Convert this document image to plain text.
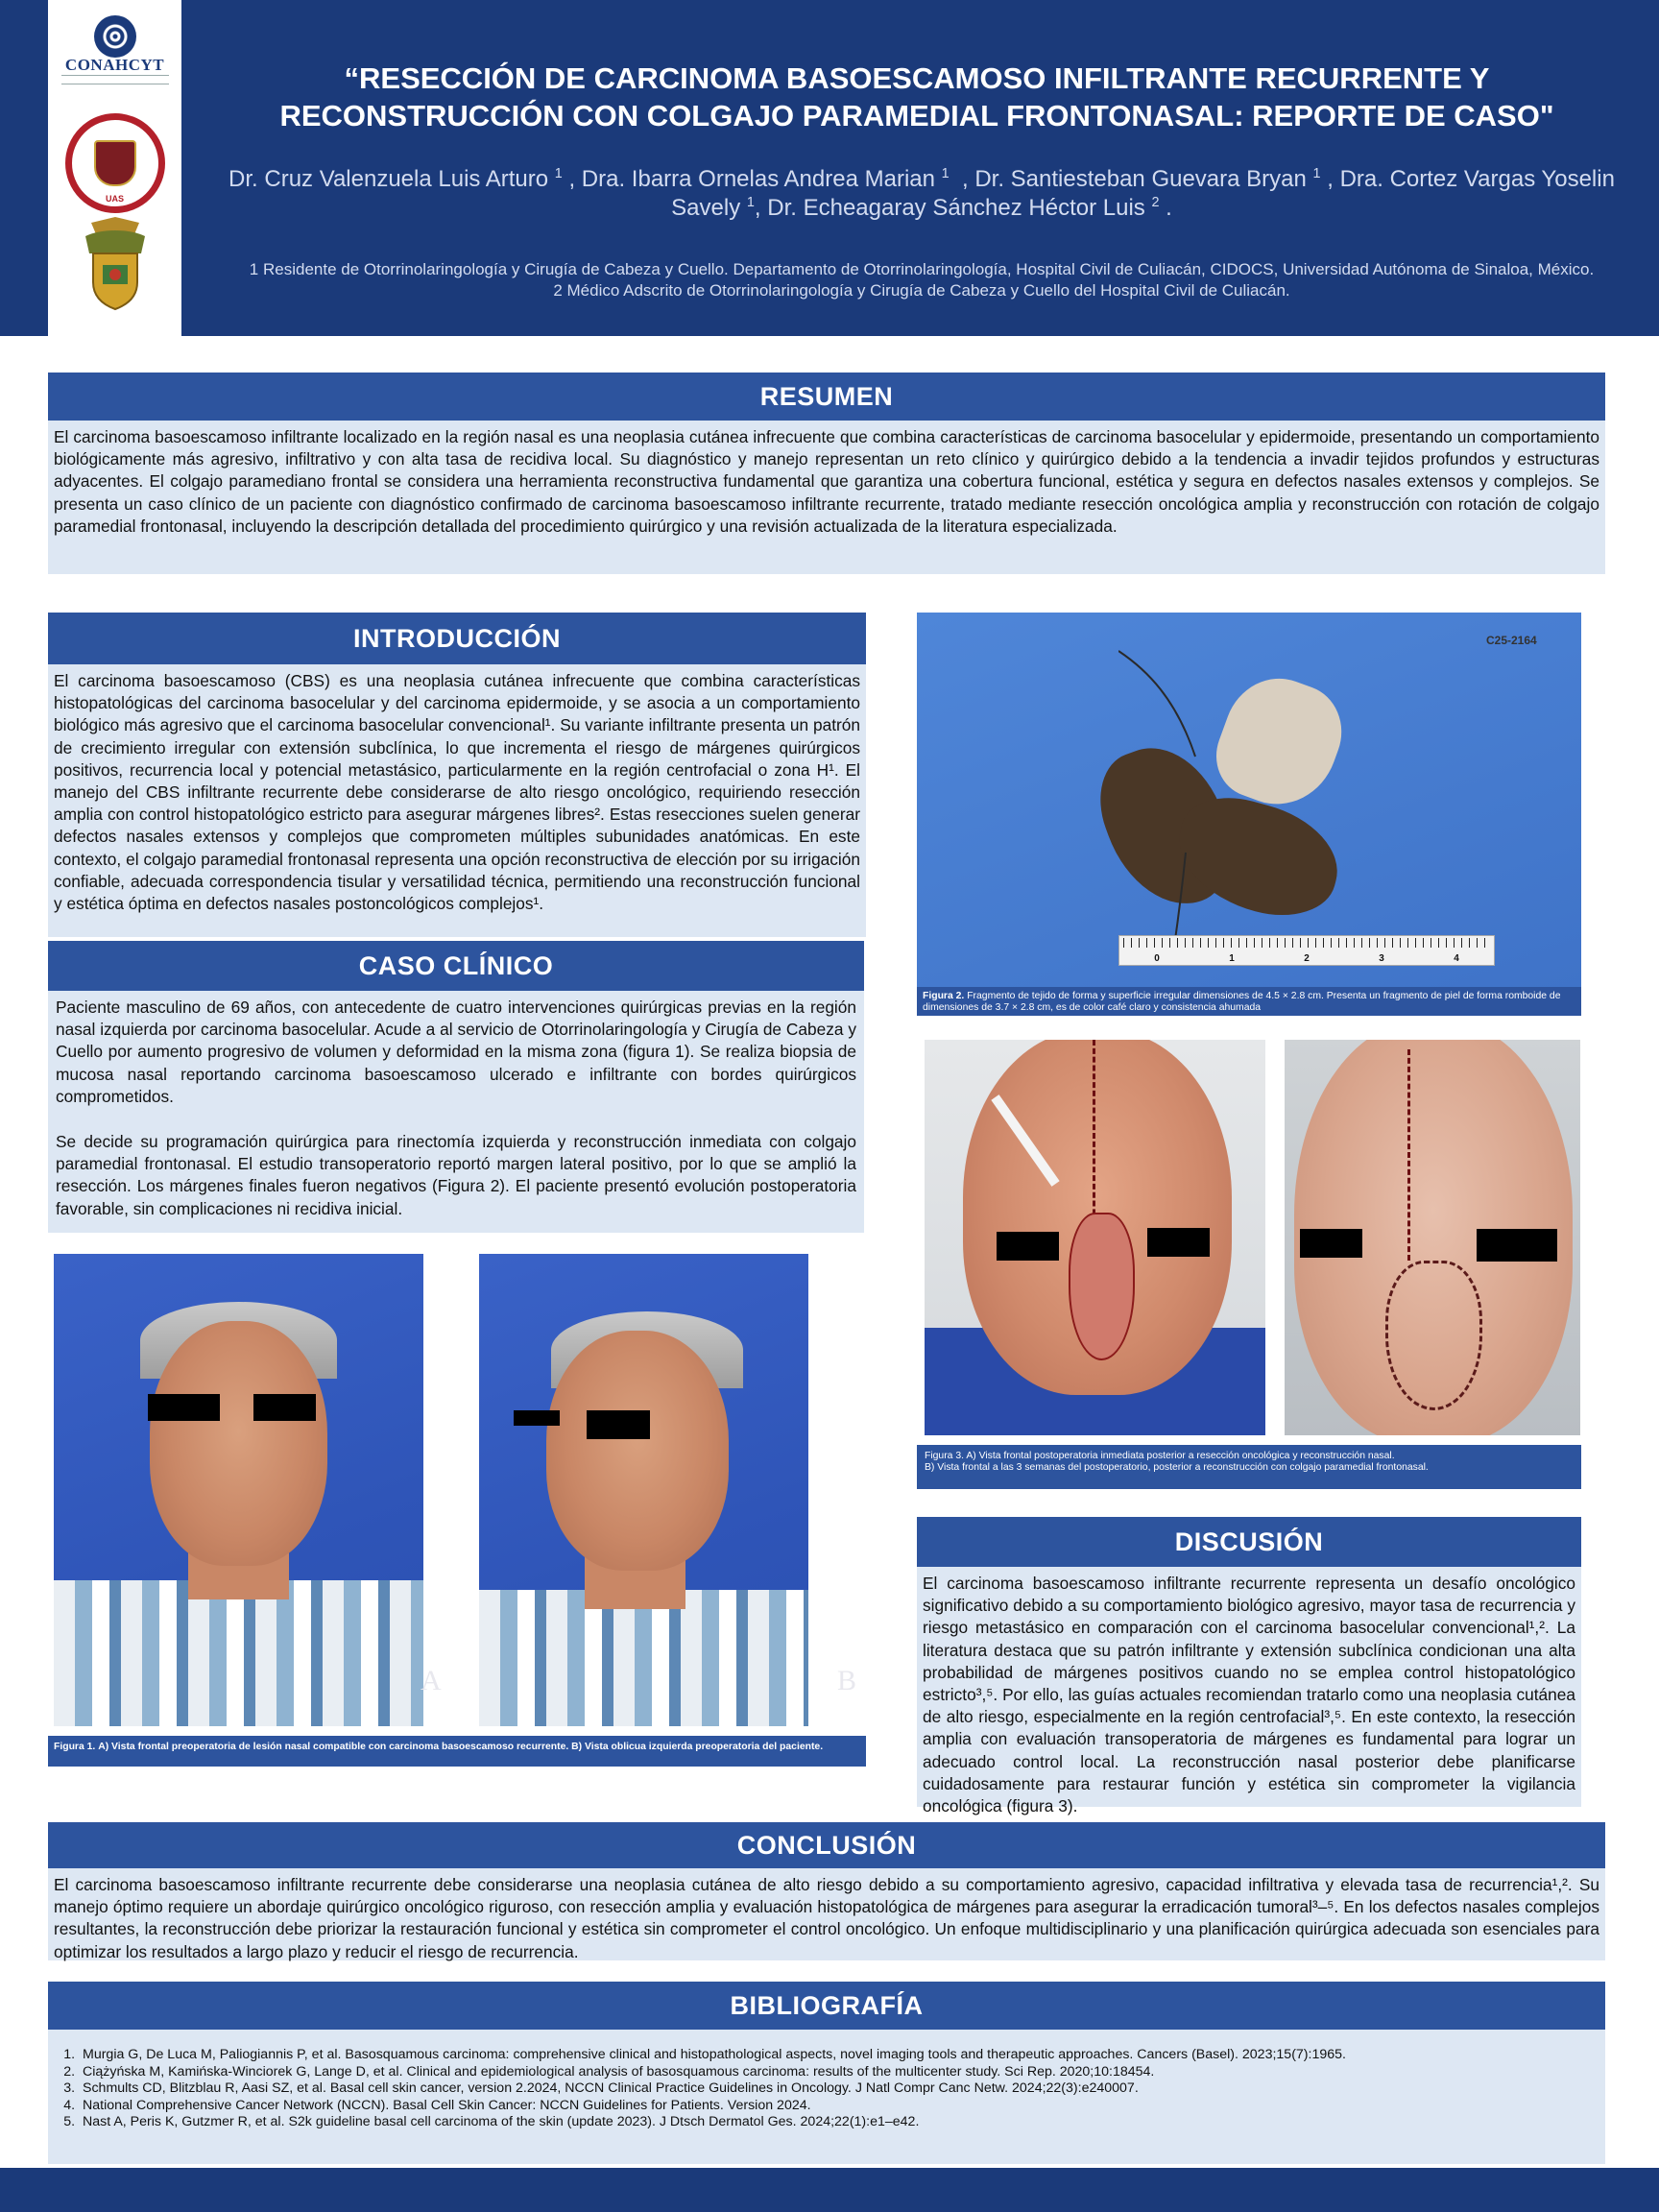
CONAHCYT
UAS
“RESECCIÓN DE CARCINOMA BASOESCAMOSO INFILTRANTE RECURRENTE Y
RECONSTRUCCIÓN CON COLGAJO PARAMEDIAL FRONTONASAL: REPORTE DE CASO"
Dr. Cruz Valenzuela Luis Arturo $^1$ , Dra. Ibarra Ornelas Andrea Marian $^1$  , Dr. Santiesteban Guevara Bryan $^1$ , Dra. Cortez Vargas Yoselin Savely $^1$, Dr. Echeagaray Sánchez Héctor Luis $^2$ .
1 Residente de Otorrinolaringología y Cirugía de Cabeza y Cuello. Departamento de Otorrinolaringología, Hospital Civil de Culiacán, CIDOCS, Universidad Autónoma de Sinaloa, México.
2 Médico Adscrito de Otorrinolaringología y Cirugía de Cabeza y Cuello del Hospital Civil de Culiacán.
RESUMEN

El carcinoma basoescamoso infiltrante localizado en la región nasal es una neoplasia cutánea infrecuente que combina características de carcinoma basocelular y epidermoide, presentando un comportamiento biológicamente más agresivo, infiltrativo y con alta tasa de recidiva local. Su diagnóstico y manejo representan un reto clínico y quirúrgico debido a la tendencia a invadir tejidos profundos y estructuras adyacentes. El colgajo paramediano frontal se considera una herramienta reconstructiva fundamental que garantiza una cobertura funcional, estética y segura en defectos nasales extensos y complejos. Se presenta un caso clínico de un paciente con diagnóstico confirmado de carcinoma basoescamoso infiltrante recurrente, tratado mediante resección oncológica amplia y reconstrucción con rotación de colgajo paramedial frontonasal, incluyendo la descripción detallada del procedimiento quirúrgico y una revisión actualizada de la literatura especializada.

INTRODUCCIÓN

El carcinoma basoescamoso (CBS) es una neoplasia cutánea infrecuente que combina características histopatológicas del carcinoma basocelular y del carcinoma epidermoide, y se asocia a un comportamiento biológico más agresivo que el carcinoma basocelular convencional¹. Su variante infiltrante presenta un patrón de crecimiento irregular con extensión subclínica, lo que incrementa el riesgo de márgenes quirúrgicos positivos, recurrencia local y potencial metastásico, particularmente en la región centrofacial o zona H¹. El manejo del CBS infiltrante recurrente debe considerarse de alto riesgo oncológico, requiriendo resección amplia con control histopatológico estricto para asegurar márgenes libres². Estas resecciones suelen generar defectos nasales extensos y complejos que comprometen múltiples subunidades anatómicas. En este contexto, el colgajo paramedial frontonasal representa una opción reconstructiva de elección por su irrigación confiable, adecuada correspondencia tisular y versatilidad técnica, permitiendo una reconstrucción funcional y estética óptima en defectos nasales postoncológicos complejos¹.

CASO CLÍNICO

Paciente masculino de 69 años, con antecedente de cuatro intervenciones quirúrgicas previas en la región nasal izquierda por carcinoma basocelular. Acude a al servicio de Otorrinolaringología y Cirugía de Cabeza y Cuello por aumento progresivo de volumen y deformidad en la misma zona (figura 1). Se realiza biopsia de mucosa nasal reportando carcinoma basoescamoso ulcerado e infiltrante con bordes quirúrgicos comprometidos.

Se decide su programación quirúrgica para rinectomía izquierda y reconstrucción inmediata con colgajo paramedial frontonasal. El estudio transoperatorio reportó margen lateral positivo, por lo que se amplió la resección. Los márgenes finales fueron negativos (Figura 2). El paciente presentó evolución postoperatoria favorable, sin complicaciones ni recidiva inicial.

A	B
Figura 1. A) Vista frontal preoperatoria de lesión nasal compatible con carcinoma basoescamoso recurrente. B) Vista oblicua izquierda preoperatoria del paciente.
C25-2164
0	1	2	3	4
Figura 2. Fragmento de tejido de forma y superficie irregular dimensiones de 4.5 × 2.8 cm. Presenta un fragmento de piel de forma romboide de dimensiones de 3.7 × 2.8 cm, es de color café claro y consistencia ahumada
Figura 3. A) Vista frontal postoperatoria inmediata posterior a resección oncológica y reconstrucción nasal.
B) Vista frontal a las 3 semanas del postoperatorio, posterior a reconstrucción con colgajo paramedial frontonasal.
DISCUSIÓN

El carcinoma basoescamoso infiltrante recurrente representa un desafío oncológico significativo debido a su comportamiento biológico agresivo, mayor tasa de recurrencia y riesgo metastásico en comparación con el carcinoma basocelular convencional¹,². La literatura destaca que su patrón infiltrante y extensión subclínica condicionan una alta probabilidad de márgenes positivos cuando no se emplea control histopatológico estricto³,⁵. Por ello, las guías actuales recomiendan tratarlo como una neoplasia cutánea de alto riesgo, especialmente en la región centrofacial³,⁵. En este contexto, la resección amplia con evaluación transoperatoria de márgenes es fundamental para lograr un adecuado control local. La reconstrucción nasal posterior debe planificarse cuidadosamente para restaurar función y estética sin comprometer la vigilancia oncológica (figura 3).

CONCLUSIÓN

El carcinoma basoescamoso infiltrante recurrente debe considerarse una neoplasia cutánea de alto riesgo debido a su comportamiento agresivo, capacidad infiltrativa y elevada tasa de recurrencia¹,². Su manejo óptimo requiere un abordaje quirúrgico oncológico riguroso, con resección amplia y evaluación histopatológica de márgenes para asegurar la erradicación tumoral³–⁵. En los defectos nasales complejos resultantes, la reconstrucción debe priorizar la restauración funcional y estética sin comprometer el control oncológico. Un enfoque multidisciplinario y una planificación quirúrgica adecuada son esenciales para optimizar los resultados a largo plazo y reducir el riesgo de recurrencia.

BIBLIOGRAFÍA
1. Murgia G, De Luca M, Paliogiannis P, et al. Basosquamous carcinoma: comprehensive clinical and histopathological aspects, novel imaging tools and therapeutic approaches. Cancers (Basel). 2023;15(7):1965.
2. Ciążyńska M, Kamińska-Winciorek G, Lange D, et al. Clinical and epidemiological analysis of basosquamous carcinoma: results of the multicenter study. Sci Rep. 2020;10:18454.
3. Schmults CD, Blitzblau R, Aasi SZ, et al. Basal cell skin cancer, version 2.2024, NCCN Clinical Practice Guidelines in Oncology. J Natl Compr Canc Netw. 2024;22(3):e240007.
4. National Comprehensive Cancer Network (NCCN). Basal Cell Skin Cancer: NCCN Guidelines for Patients. Version 2024.
5. Nast A, Peris K, Gutzmer R, et al. S2k guideline basal cell carcinoma of the skin (update 2023). J Dtsch Dermatol Ges. 2024;22(1):e1–e42.
